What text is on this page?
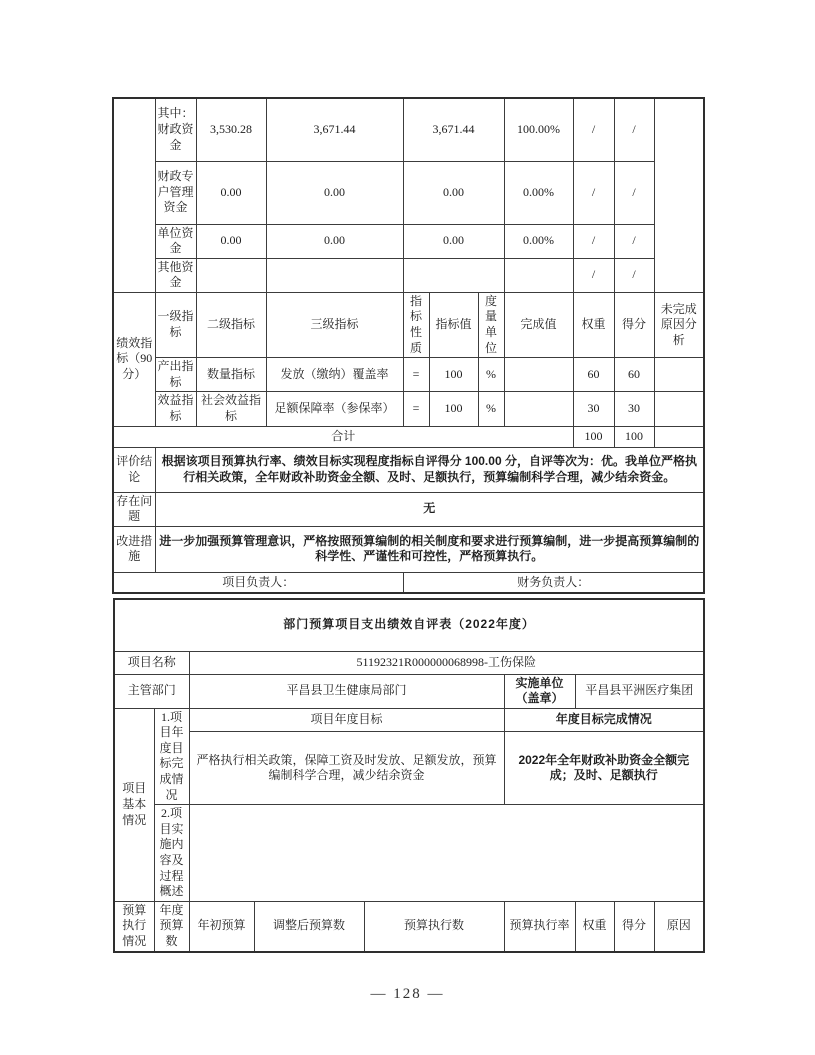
	其中：财政资金	3,530.28	3,671.44	3,671.44			100.00%	/	/	
	财政专户管理资金	0.00	0.00	0.00			0.00%	/	/	
	单位资金	0.00	0.00	0.00			0.00%	/	/	
	其他资金							/	/	
绩效指标（90分）	一级指标	二级指标	三级指标	指标性质	指标值	度量单位	完成值	权重	得分	未完成原因分析
	产出指标	数量指标	发放（缴纳）覆盖率	=	100	%		60	60	
	效益指标	社会效益指标	足额保障率（参保率）	=	100	%		30	30	
合计								100	100	
评价结论	根据该项目预算执行率、绩效目标实现程度指标自评得分 100.00 分，自评等次为：优。我单位严格执行相关政策，全年财政补助资金全额、及时、足额执行，预算编制科学合理，减少结余资金。									
存在问题	无									
改进措施	进一步加强预算管理意识，严格按照预算编制的相关制度和要求进行预算编制，进一步提高预算编制的科学性、严谨性和可控性，严格预算执行。									
项目负责人：				财务负责人：						
部门预算项目支出绩效自评表（2022年度）								
项目名称		51192321R000000068998-工伤保险						
主管部门		平昌县卫生健康局部门			实施单位（盖章）	平昌县平洲医疗集团		
项目基本情况	1.项目年度目标完成情况	项目年度目标			年度目标完成情况			
		严格执行相关政策，保障工资及时发放、足额发放，预算编制科学合理，减少结余资金			2022年全年财政补助资金全额完成；及时、足额执行			
	2.项目实施内容及过程概述							
预算执行情况	年度预算数	年初预算	调整后预算数	预算执行数	预算执行率	权重	得分	原因
— 128 —
